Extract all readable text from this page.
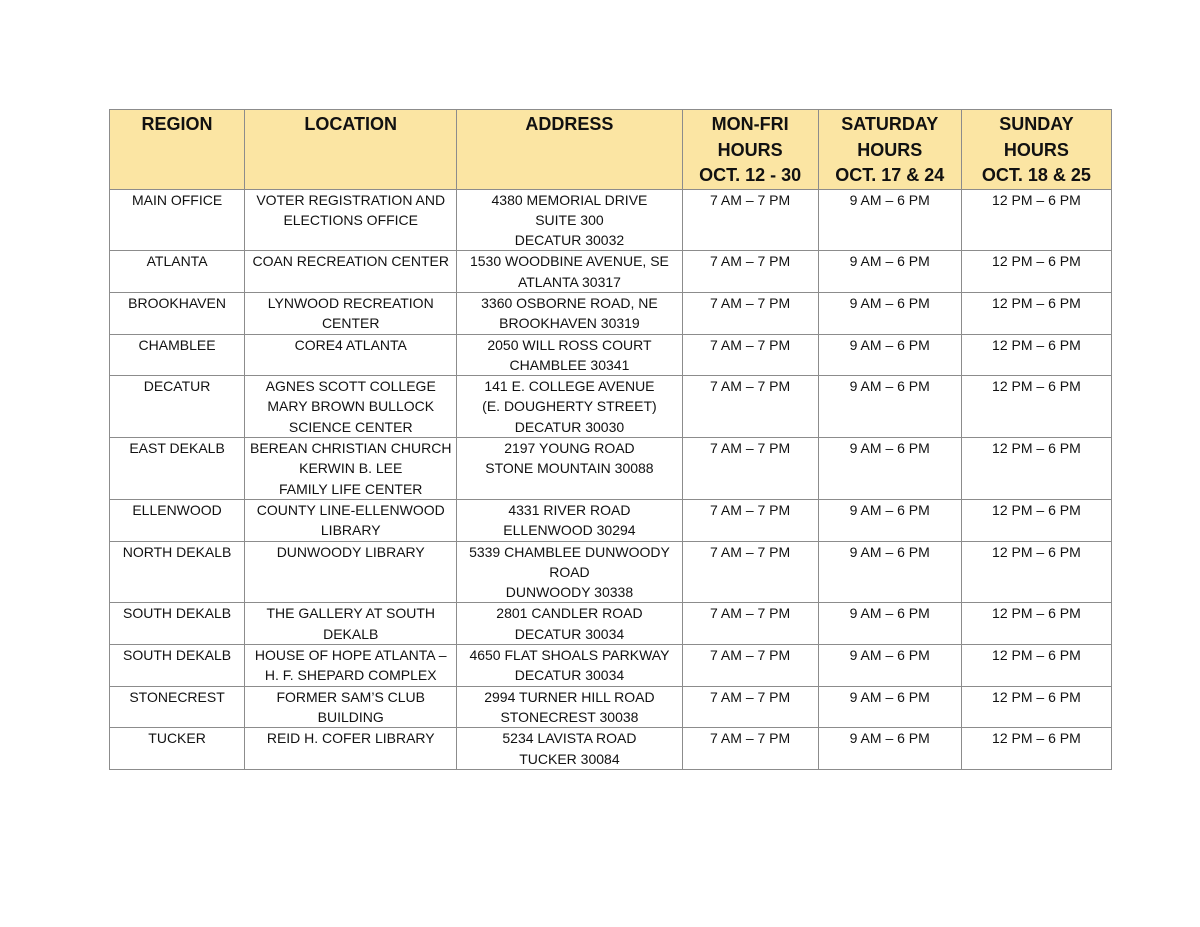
REGION	LOCATION	ADDRESS	MON-FRI
HOURS
OCT. 12 - 30	SATURDAY
HOURS
OCT. 17 & 24	SUNDAY
HOURS
OCT. 18 & 25

MAIN OFFICE	VOTER REGISTRATION AND
ELECTIONS OFFICE	4380 MEMORIAL DRIVE
SUITE 300
DECATUR 30032	7 AM – 7 PM	9 AM – 6 PM	12 PM – 6 PM

ATLANTA	COAN RECREATION CENTER	1530 WOODBINE AVENUE, SE
ATLANTA 30317	7 AM – 7 PM	9 AM – 6 PM	12 PM – 6 PM

BROOKHAVEN	LYNWOOD RECREATION
CENTER	3360 OSBORNE ROAD, NE
BROOKHAVEN 30319	7 AM – 7 PM	9 AM – 6 PM	12 PM – 6 PM

CHAMBLEE	CORE4 ATLANTA	2050 WILL ROSS COURT
CHAMBLEE 30341	7 AM – 7 PM	9 AM – 6 PM	12 PM – 6 PM

DECATUR	AGNES SCOTT COLLEGE
MARY BROWN BULLOCK
SCIENCE CENTER	141 E. COLLEGE AVENUE
(E. DOUGHERTY STREET)
DECATUR 30030	7 AM – 7 PM	9 AM – 6 PM	12 PM – 6 PM

EAST DEKALB	BEREAN CHRISTIAN CHURCH
KERWIN B. LEE
FAMILY LIFE CENTER	2197 YOUNG ROAD
STONE MOUNTAIN 30088	7 AM – 7 PM	9 AM – 6 PM	12 PM – 6 PM

ELLENWOOD	COUNTY LINE-ELLENWOOD
LIBRARY	4331 RIVER ROAD
ELLENWOOD 30294	7 AM – 7 PM	9 AM – 6 PM	12 PM – 6 PM

NORTH DEKALB	DUNWOODY LIBRARY	5339 CHAMBLEE DUNWOODY
ROAD
DUNWOODY 30338	7 AM – 7 PM	9 AM – 6 PM	12 PM – 6 PM

SOUTH DEKALB	THE GALLERY AT SOUTH
DEKALB	2801 CANDLER ROAD
DECATUR 30034	7 AM – 7 PM	9 AM – 6 PM	12 PM – 6 PM

SOUTH DEKALB	HOUSE OF HOPE ATLANTA –
H. F. SHEPARD COMPLEX	4650 FLAT SHOALS PARKWAY
DECATUR 30034	7 AM – 7 PM	9 AM – 6 PM	12 PM – 6 PM

STONECREST	FORMER SAM’S CLUB
BUILDING	2994 TURNER HILL ROAD
STONECREST 30038	7 AM – 7 PM	9 AM – 6 PM	12 PM – 6 PM

TUCKER	REID H. COFER LIBRARY	5234 LAVISTA ROAD
TUCKER 30084	7 AM – 7 PM	9 AM – 6 PM	12 PM – 6 PM
